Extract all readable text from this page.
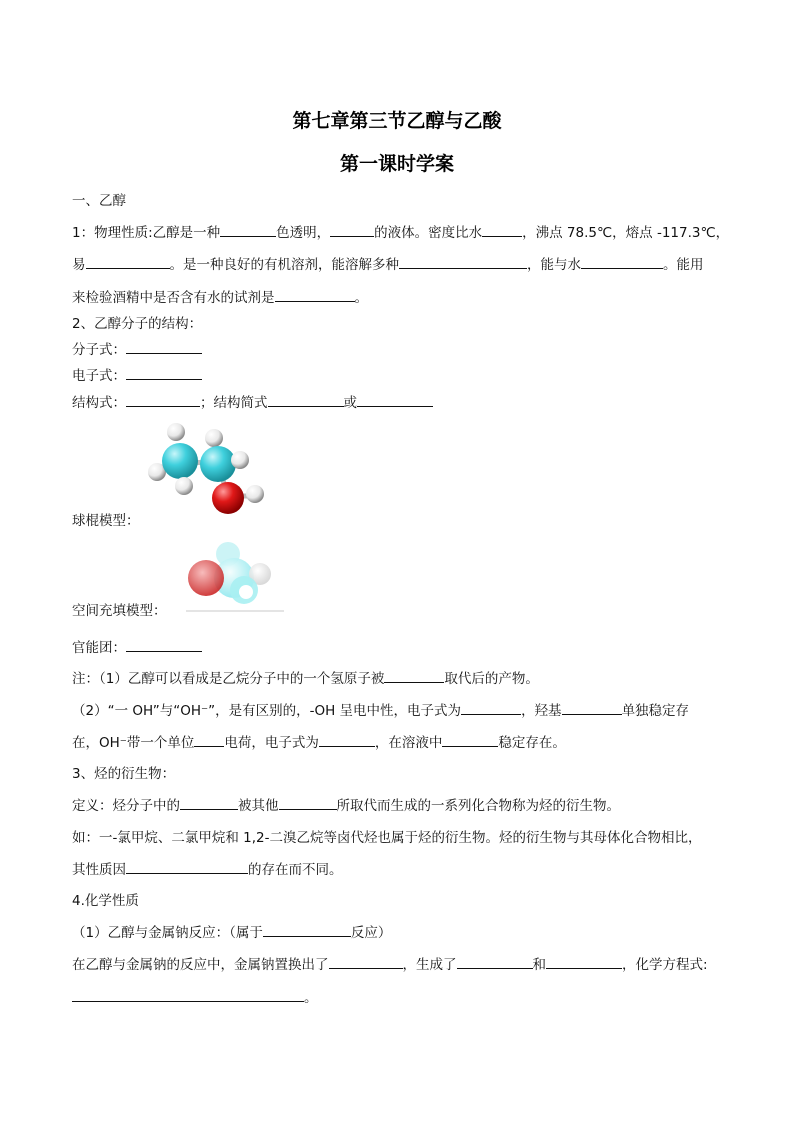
第七章第三节乙醇与乙酸
第一课时学案
一、乙醇
1：物理性质:乙醇是一种	色透明，	的液体。密度比水	，沸点 78.5℃，熔点 -117.3℃，
易	。是一种良好的有机溶剂，能溶解多种	，能与水	。能用
来检验酒精中是否含有水的试剂是	。
2、乙醇分子的结构：
分子式：
电子式：
结构式：	；结构简式	或
球棍模型：
空间充填模型：
官能团：
注：（1）乙醇可以看成是乙烷分子中的一个氢原子被	取代后的产物。
（2）“一 OH”与“OH⁻”，是有区别的，-OH 呈电中性，电子式为	，羟基	单独稳定存
在，OH⁻带一个单位 电荷，电子式为	，在溶液中	稳定存在。
3、烃的衍生物：
定义：烃分子中的	被其他	所取代而生成的一系列化合物称为烃的衍生物。
如：一-氯甲烷、二氯甲烷和 1,2-二溴乙烷等卤代烃也属于烃的衍生物。烃的衍生物与其母体化合物相比，
其性质因	的存在而不同。
4.化学性质
（1）乙醇与金属钠反应：（属于	反应）
在乙醇与金属钠的反应中，金属钠置换出了	，生成了	和	，化学方程式:
。
